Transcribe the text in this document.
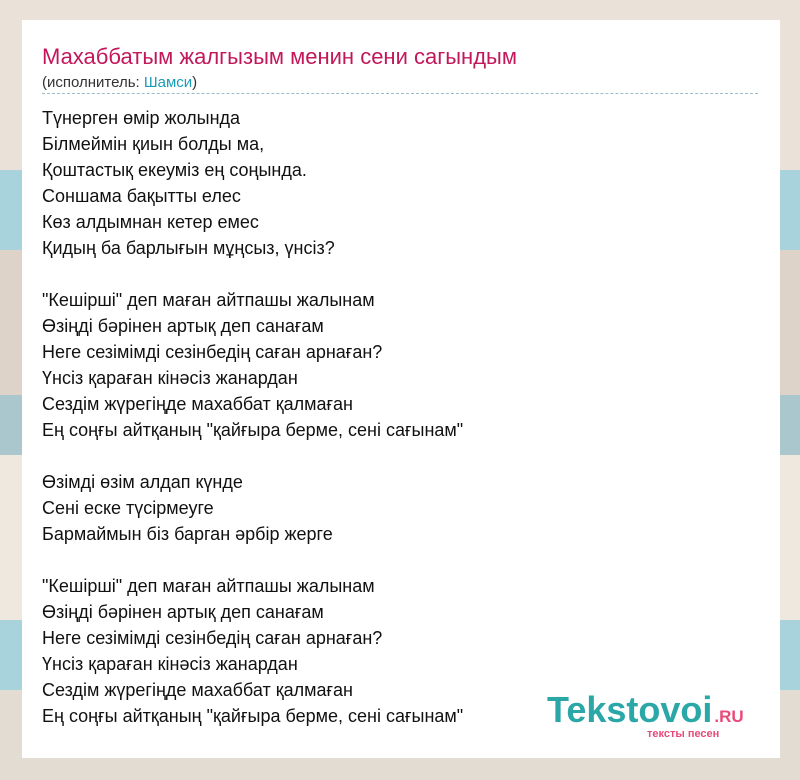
Махаббатым жалгызым менин сени сагындым
(исполнитель: Шамси)
Түнерген өмір жолында
Білмеймін қиын болды ма,
Қоштастық екеуміз ең соңында.
Соншама бақытты елес
Көз алдымнан кетер емес
Қидың ба барлығын мұңсыз, үнсіз?
"Кешірші" деп маған айтпашы жалынам
Өзіңді бәрінен артық деп санағам
Неге сезімімді сезінбедің саған арнаған?
Үнсіз қараған кінәсіз жанардан
Сездім жүрегіңде махаббат қалмаған
Ең соңғы айтқаның "қайғыра берме, сені сағынам"
Өзімді өзім алдап күнде
Сені еске түсірмеуге
Бармаймын біз барган әрбір жерге
"Кешірші" деп маған айтпашы жалынам
Өзіңді бәрінен артық деп санағам
Неге сезімімді сезінбедің саған арнаған?
Үнсіз қараған кінәсіз жанардан
Сездім жүрегіңде махаббат қалмаған
Ең соңғы айтқаның "қайғыра берме, сені сағынам"	Tekstovoi .RU
тексты песен
